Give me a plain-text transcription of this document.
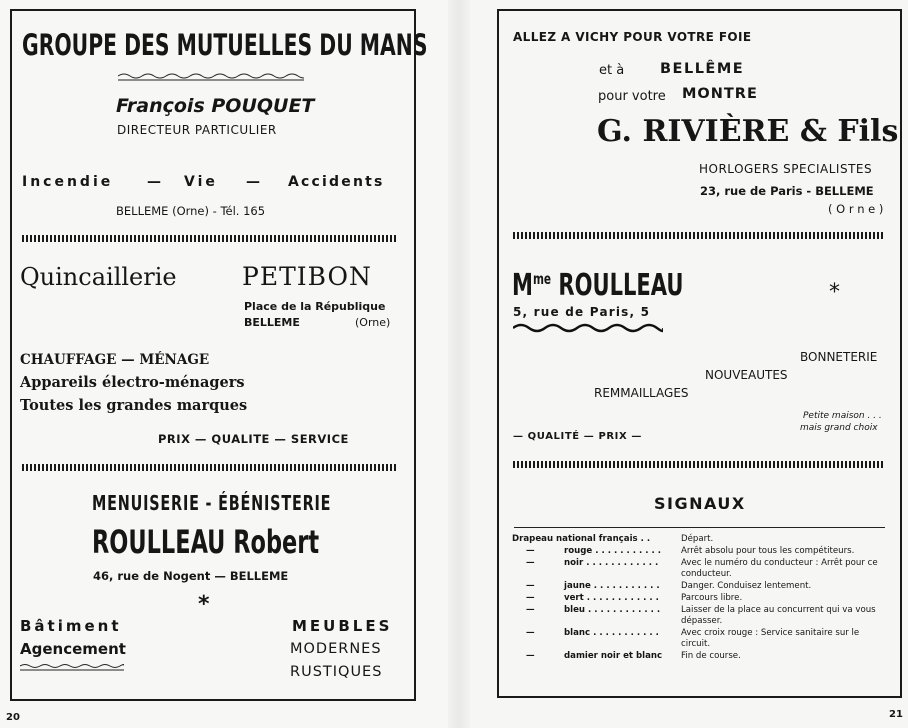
GROUPE DES MUTUELLES DU MANS
François POUQUET
DIRECTEUR PARTICULIER
Incendie — Vie — Accidents
BELLEME (Orne) - Tél. 165
Quincaillerie	PETIBON
Place de la République
BELLEME	(Orne)
CHAUFFAGE — MÉNAGE
Appareils électro-ménagers
Toutes les grandes marques
PRIX — QUALITE — SERVICE
MENUISERIE - ÉBÉNISTERIE
ROULLEAU Robert
46, rue de Nogent — BELLEME
*
Bâtiment
Agencement
MEUBLES
MODERNES
RUSTIQUES
20
ALLEZ A VICHY POUR VOTRE FOIE
et à BELLÊME
pour votre MONTRE
G. RIVIÈRE & Fils
HORLOGERS SPECIALISTES
23, rue de Paris - BELLEME
( O r n e )
$M^{me}$ ROULLEAU	*
5, rue de Paris, 5
BONNETERIE
NOUVEAUTES
REMMAILLAGES
Petite maison . . .
mais grand choix
— QUALITÉ — PRIX —
SIGNAUX
Drapeau national français . .	Départ.
— rouge . . . . . . . . . . .	Arrêt absolu pour tous les compétiteurs.
— noir . . . . . . . . . . . .	Avec le numéro du conducteur : Arrêt pour ce conducteur.
— jaune . . . . . . . . . . .	Danger. Conduisez lentement.
— vert . . . . . . . . . . . .	Parcours libre.
— bleu . . . . . . . . . . . .	Laisser de la place au concurrent qui va vous dépasser.
— blanc . . . . . . . . . . .	Avec croix rouge : Service sanitaire sur le circuit.
— damier noir et blanc	Fin de course.
21
